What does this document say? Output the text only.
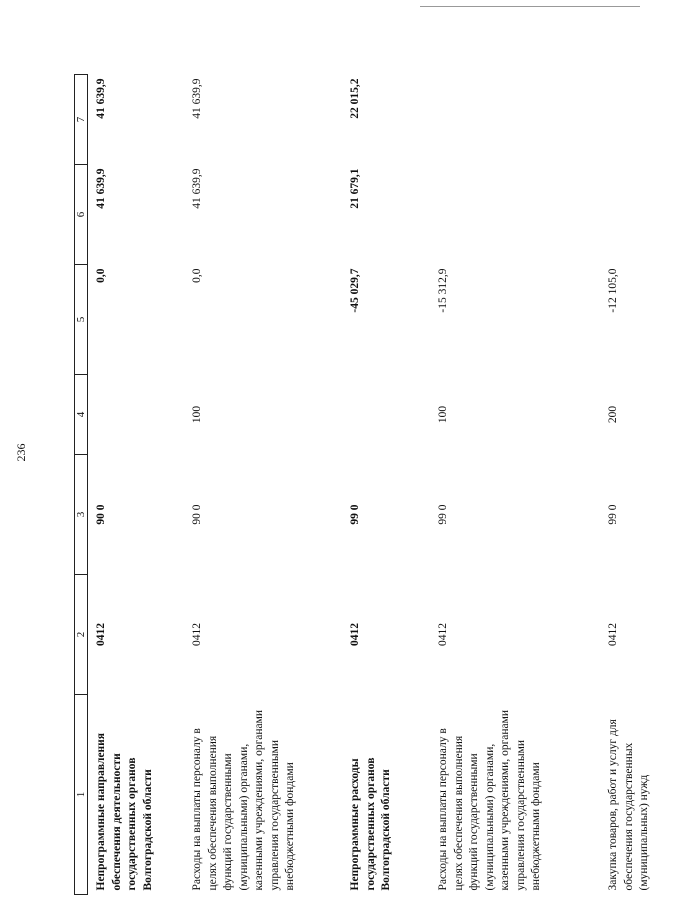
236
1	2	3	4	5	6	7
Непрограммные направления обеспечения деятельности государственных органов Волгоградской области	0412	90 0		0,0	41 639,9	41 639,9
Расходы на выплаты персоналу в целях обеспечения выполнения функций государственными (муниципальными) органами, казенными учреждениями, органами управления государственными внебюджетными фондами	0412	90 0	100	0,0	41 639,9	41 639,9
Непрограммные расходы государственных органов Волгоградской области	0412	99 0		-45 029,7	21 679,1	22 015,2
Расходы на выплаты персоналу в целях обеспечения выполнения функций государственными (муниципальными) органами, казенными учреждениями, органами управления государственными внебюджетными фондами	0412	99 0	100	-15 312,9		
Закупка товаров, работ и услуг для обеспечения государственных (муниципальных) нужд	0412	99 0	200	-12 105,0		
